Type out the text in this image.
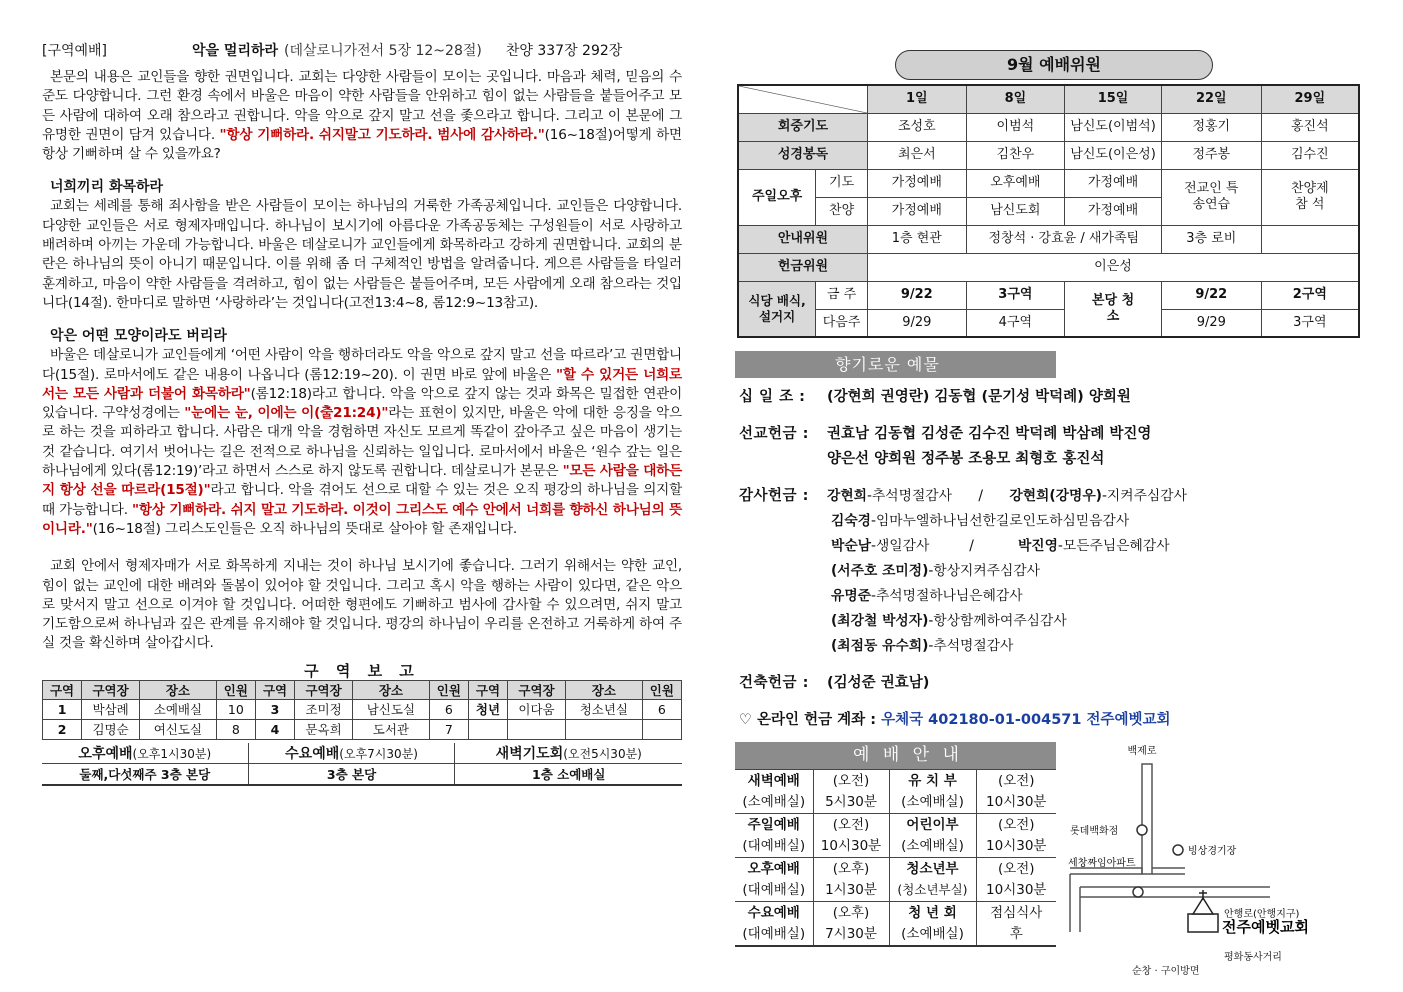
[구역예배]	악을 멀리하라 (데살로니가전서 5장 12~28절) 찬양 337장 292장
본문의 내용은 교인들을 향한 권면입니다. 교회는 다양한 사람들이 모이는 곳입니다. 마음과 체력, 믿음의 수준도 다양합니다. 그런 환경 속에서 바울은 마음이 약한 사람들을 안위하고 힘이 없는 사람들을 붙들어주고 모든 사람에 대하여 오래 참으라고 권합니다. 악을 악으로 갚지 말고 선을 좇으라고 합니다. 그리고 이 본문에 그 유명한 권면이 담겨 있습니다. "항상 기뻐하라. 쉬지말고 기도하라. 범사에 감사하라."(16~18절)어떻게 하면 항상 기뻐하며 살 수 있을까요?
너희끼리 화목하라
교회는 세례를 통해 죄사함을 받은 사람들이 모이는 하나님의 거룩한 가족공체입니다. 교인들은 다양합니다. 다양한 교인들은 서로 형제자매입니다. 하나님이 보시기에 아름다운 가족공동체는 구성원들이 서로 사랑하고 배려하며 아끼는 가운데 가능합니다. 바울은 데살로니가 교인들에게 화목하라고 강하게 권면합니다. 교회의 분란은 하나님의 뜻이 아니기 때문입니다. 이를 위해 좀 더 구체적인 방법을 알려줍니다. 게으른 사람들을 타일러 훈계하고, 마음이 약한 사람들을 격려하고, 힘이 없는 사람들은 붙들어주며, 모든 사람에게 오래 참으라는 것입니다(14절). 한마디로 말하면 ‘사랑하라’는 것입니다(고전13:4~8, 롬12:9~13참고).
악은 어떤 모양이라도 버리라
바울은 데살로니가 교인들에게 ‘어떤 사람이 악을 행하더라도 악을 악으로 갚지 말고 선을 따르라’고 권면합니다(15절). 로마서에도 같은 내용이 나옵니다 (롬12:19~20). 이 권면 바로 앞에 바울은 "할 수 있거든 너희로서는 모든 사람과 더불어 화목하라"(롬12:18)라고 합니다. 악을 악으로 갚지 않는 것과 화목은 밀접한 연관이 있습니다. 구약성경에는 "눈에는 눈, 이에는 이(출21:24)"라는 표현이 있지만, 바울은 악에 대한 응징을 악으로 하는 것을 피하라고 합니다. 사람은 대개 악을 경험하면 자신도 모르게 똑같이 갚아주고 싶은 마음이 생기는 것 같습니다. 여기서 벗어나는 길은 전적으로 하나님을 신뢰하는 일입니다. 로마서에서 바울은 ‘원수 갚는 일은 하나님에게 있다(롬12:19)’라고 하면서 스스로 하지 않도록 권합니다. 데살로니가 본문은 "모든 사람을 대하든지 항상 선을 따르라(15절)"라고 합니다. 악을 겪어도 선으로 대할 수 있는 것은 오직 평강의 하나님을 의지할 때 가능합니다. "항상 기뻐하라. 쉬지 말고 기도하라. 이것이 그리스도 예수 안에서 너희를 향하신 하나님의 뜻이니라."(16~18절) 그리스도인들은 오직 하나님의 뜻대로 살아야 할 존재입니다.
교회 안에서 형제자매가 서로 화목하게 지내는 것이 하나님 보시기에 좋습니다. 그러기 위해서는 약한 교인, 힘이 없는 교인에 대한 배려와 돌봄이 있어야 할 것입니다. 그리고 혹시 악을 행하는 사람이 있다면, 같은 악으로 맞서지 말고 선으로 이겨야 할 것입니다. 어떠한 형편에도 기뻐하고 범사에 감사할 수 있으려면, 쉬지 말고 기도함으로써 하나님과 깊은 관계를 유지해야 할 것입니다. 평강의 하나님이 우리를 온전하고 거룩하게 하여 주실 것을 확신하며 살아갑시다.
구 역 보 고
구역	구역장	장소	인원	구역	구역장	장소	인원	구역	구역장	장소	인원
1	박삼례	소예배실	10	3	조미정	남신도실	6	청년	이다움	청소년실	6
2	김명순	여신도실	8	4	문옥희	도서관	7				
오후예배(오후1시30분)	수요예배(오후7시30분)	새벽기도회(오전5시30분)
둘째,다섯째주 3층 본당	3층 본당	1층 소예배실
9월 예배위원
		1일	8일	15일	22일	29일
회중기도		조성호	이범석	남신도(이범석)	정홍기	홍진석
성경봉독		최은서	김찬우	남신도(이은성)	정주봉	김수진
주일오후	기도	가정예배	오후예배	가정예배	전교인 특송연습	찬양제 참 석
	찬양	가정예배	남신도회	가정예배		
안내위원		1층 현관	정창석 · 강효윤 / 새가족팀		3층 로비	
헌금위원		이은성				
식당 배식,설거지	금 주	9/22	3구역	본당 청소	9/22	2구역
	다음주	9/29	4구역		9/29	3구역
향기로운 예물
십 일 조 :	(강현희 권영란) 김동협 (문기성 박덕례) 양희원
선교헌금 :	권효남 김동협 김성준 김수진 박덕례 박삼례 박진영
양은선 양희원 정주봉 조용모 최형호 홍진석
감사헌금 :	강현희-추석명절감사 / 강현희(강명우)-지켜주심감사
김숙경-임마누엘하나님선한길로인도하심믿음감사
박순남-생일감사	/	박진영-모든주님은혜감사
(서주호 조미정)-항상지켜주심감사
유명준-추석명절하나님은혜감사
(최강철 박성자)-항상함께하여주심감사
(최점동 유수희)-추석명절감사
건축헌금 :	(김성준 권효남)
♡ 온라인 헌금 계좌 : 우체국 402180-01-004571 전주예벳교회
예 배 안 내
새벽예배	(오전)	유 치 부	(오전)
(소예배실)	5시30분	(소예배실)	10시30분
주일예배	(오전)	어린이부	(오전)
(대예배실)	10시30분	(소예배실)	10시30분
오후예배	(오후)	청소년부	(오전)
(대예배실)	1시30분	(청소년부실)	10시30분
수요예배	(오후)	청 년 회	점심식사
(대예배실)	7시30분	(소예배실)	후
백제로
롯데백화점
빙상경기장
세창짜임아파트
안행로(안행지구)
전주예벳교회
평화동사거리
순창 · 구이방면
